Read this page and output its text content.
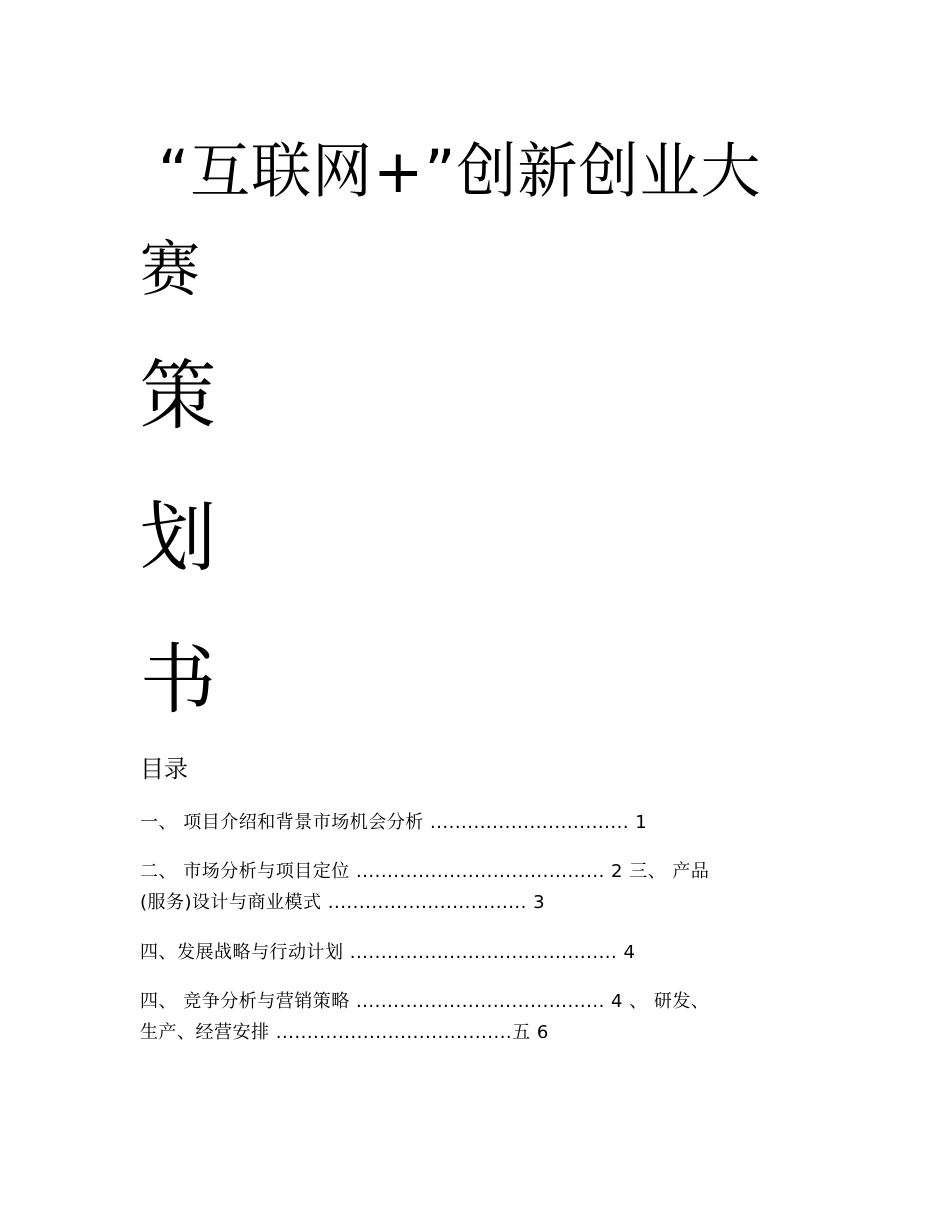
“互联网+”创新创业大
赛
策
划
书
目录
一、 项目介绍和背景市场机会分析 ................................ 1
二、 市场分析与项目定位 ........................................ 2 三、 产品
(服务)设计与商业模式 ................................ 3
四、发展战略与行动计划 ........................................... 4
四、 竞争分析与营销策略 ........................................ 4 、 研发、
生产、经营安排 ......................................五 6
